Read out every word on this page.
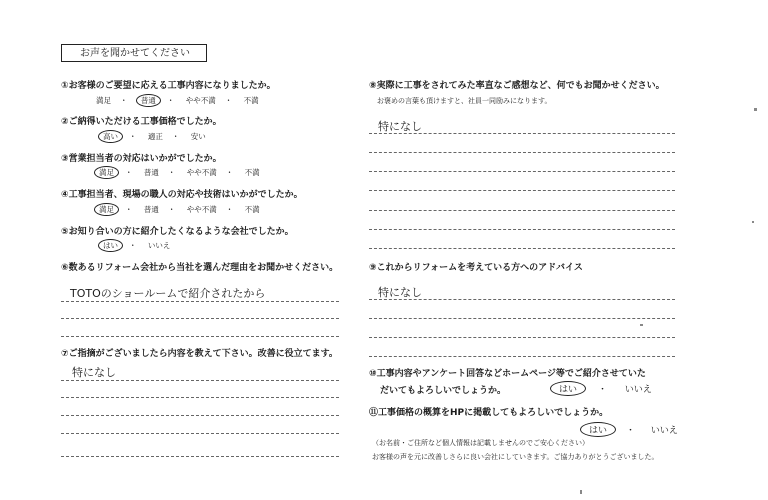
お声を聞かせてください
①お客様のご要望に応える工事内容になりましたか。
満足 ・ 普通 ・ やや不満 ・ 不満
②ご納得いただける工事価格でしたか。
高い ・ 適正 ・ 安い
③営業担当者の対応はいかがでしたか。
満足 ・ 普通 ・ やや不満 ・ 不満
④工事担当者、現場の職人の対応や技術はいかがでしたか。
満足 ・ 普通 ・ やや不満 ・ 不満
⑤お知り合いの方に紹介したくなるような会社でしたか。
はい ・ いいえ
⑥数あるリフォーム会社から当社を選んだ理由をお聞かせください。
TOTOのショールームで紹介されたから
⑦ご指摘がございましたら内容を教えて下さい。改善に役立てます。
特になし
⑧実際に工事をされてみた率直なご感想など、何でもお聞かせください。
お褒めの言葉も頂けますと、社員一同励みになります。
特になし
⑨これからリフォームを考えている方へのアドバイス
特になし
⑩工事内容やアンケート回答などホームページ等でご紹介させていた
だいてもよろしいでしょうか。	はい ・ いいえ
⑪工事価格の概算をHPに掲載してもよろしいでしょうか。
はい ・ いいえ
（お名前・ご住所など個人情報は記載しませんのでご安心ください）
お客様の声を元に改善しさらに良い会社にしていきます。ご協力ありがとうございました。
